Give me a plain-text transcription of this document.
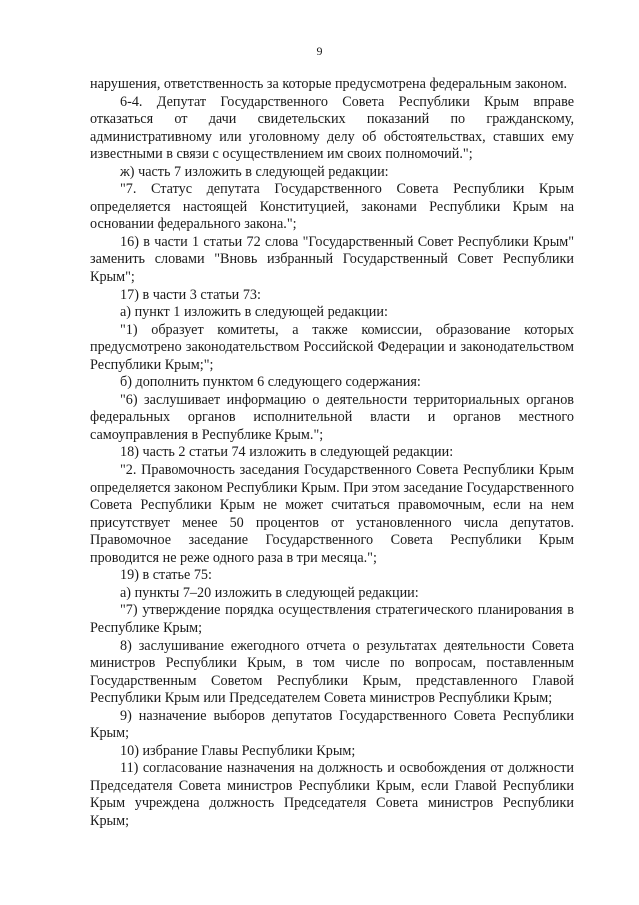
9

нарушения, ответственность за которые предусмотрена федеральным законом.

6-4. Депутат Государственного Совета Республики Крым вправе отказаться от дачи свидетельских показаний по гражданскому, административному или уголовному делу об обстоятельствах, ставших ему известными в связи с осуществлением им своих полномочий.";

ж) часть 7 изложить в следующей редакции:

"7. Статус депутата Государственного Совета Республики Крым определяется настоящей Конституцией, законами Республики Крым на основании федерального закона.";

16) в части 1 статьи 72 слова "Государственный Совет Республики Крым" заменить словами "Вновь избранный Государственный Совет Республики Крым";

17) в части 3 статьи 73:

а) пункт 1 изложить в следующей редакции:

"1) образует комитеты, а также комиссии, образование которых предусмотрено законодательством Российской Федерации и законодательством Республики Крым;";

б) дополнить пунктом 6 следующего содержания:

"6) заслушивает информацию о деятельности территориальных органов федеральных органов исполнительной власти и органов местного самоуправления в Республике Крым.";

18) часть 2 статьи 74 изложить в следующей редакции:

"2. Правомочность заседания Государственного Совета Республики Крым определяется законом Республики Крым. При этом заседание Государственного Совета Республики Крым не может считаться правомочным, если на нем присутствует менее 50 процентов от установленного числа депутатов. Правомочное заседание Государственного Совета Республики Крым проводится не реже одного раза в три месяца.";

19) в статье 75:

а) пункты 7–20 изложить в следующей редакции:

"7) утверждение порядка осуществления стратегического планирования в Республике Крым;

8) заслушивание ежегодного отчета о результатах деятельности Совета министров Республики Крым, в том числе по вопросам, поставленным Государственным Советом Республики Крым, представленного Главой Республики Крым или Председателем Совета министров Республики Крым;

9) назначение выборов депутатов Государственного Совета Республики Крым;

10) избрание Главы Республики Крым;

11) согласование назначения на должность и освобождения от должности Председателя Совета министров Республики Крым, если Главой Республики Крым учреждена должность Председателя Совета министров Республики Крым;
